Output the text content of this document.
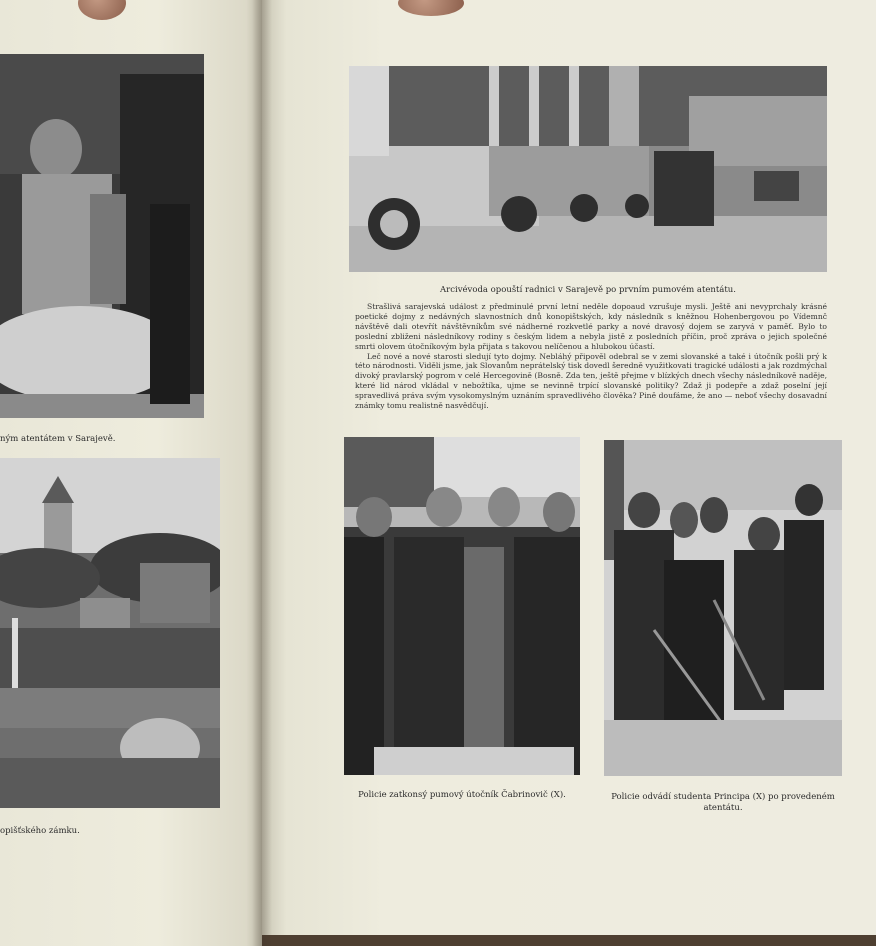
ným atentátem v Sarajevě.
opišťského zámku.
Arcivévoda opouští radnici v Sarajevě po prvním pumovém atentátu.

Strašlivá sarajevská událost z předminulé první letní neděle dopoaud vzrušuje mysli. Ještě ani nevyprchaly krásné poetické dojmy z nedávných slavnostních dnů konopištských, kdy následník s kněžnou Hohenbergovou po Vídemnč návštěvě dali otevřít návštěvníkům své nádherné rozkvetlé parky a nové dravosý dojem se zaryvá v paměť. Bylo to poslední zbliženi následníkovy rodiny s českým lidem a nebyla jistě z posledních příčin, proč zpráva o jejich společné smrti olovem útočníkovým byla přijata s takovou nelíčenou a hlubokou účastí.

Leč nové a nové starosti sledují tyto dojmy. Nebláhý připověl odebral se v zemi slovanské a také i útočník pošli prý k této národnosti. Viděli jsme, jak Slovanům neprátelský tisk dovedl šeredně využitkovati tragické události a jak rozdmýchal divoký pravlarský pogrom v celé Hercegovině (Bosně. Zda ten, ještě přejme v blízkých dnech všechy následníkově naděje, které lid národ vkládal v nebožtíka, ujme se nevinně trpící slovanské politiky? Zdaž ji podepře a zdaž poselní její spravedlivá práva svým vysokomyslným uznáním spravedlivého člověka? Pině doufáme, že ano — neboť všechy dosavadní známky tomu realistně nasvědčují.

Policie zatkonsý pumový útočník Čabrinovič (X).	Policie odvádí studenta Principa (X) po provedeném
atentátu.
